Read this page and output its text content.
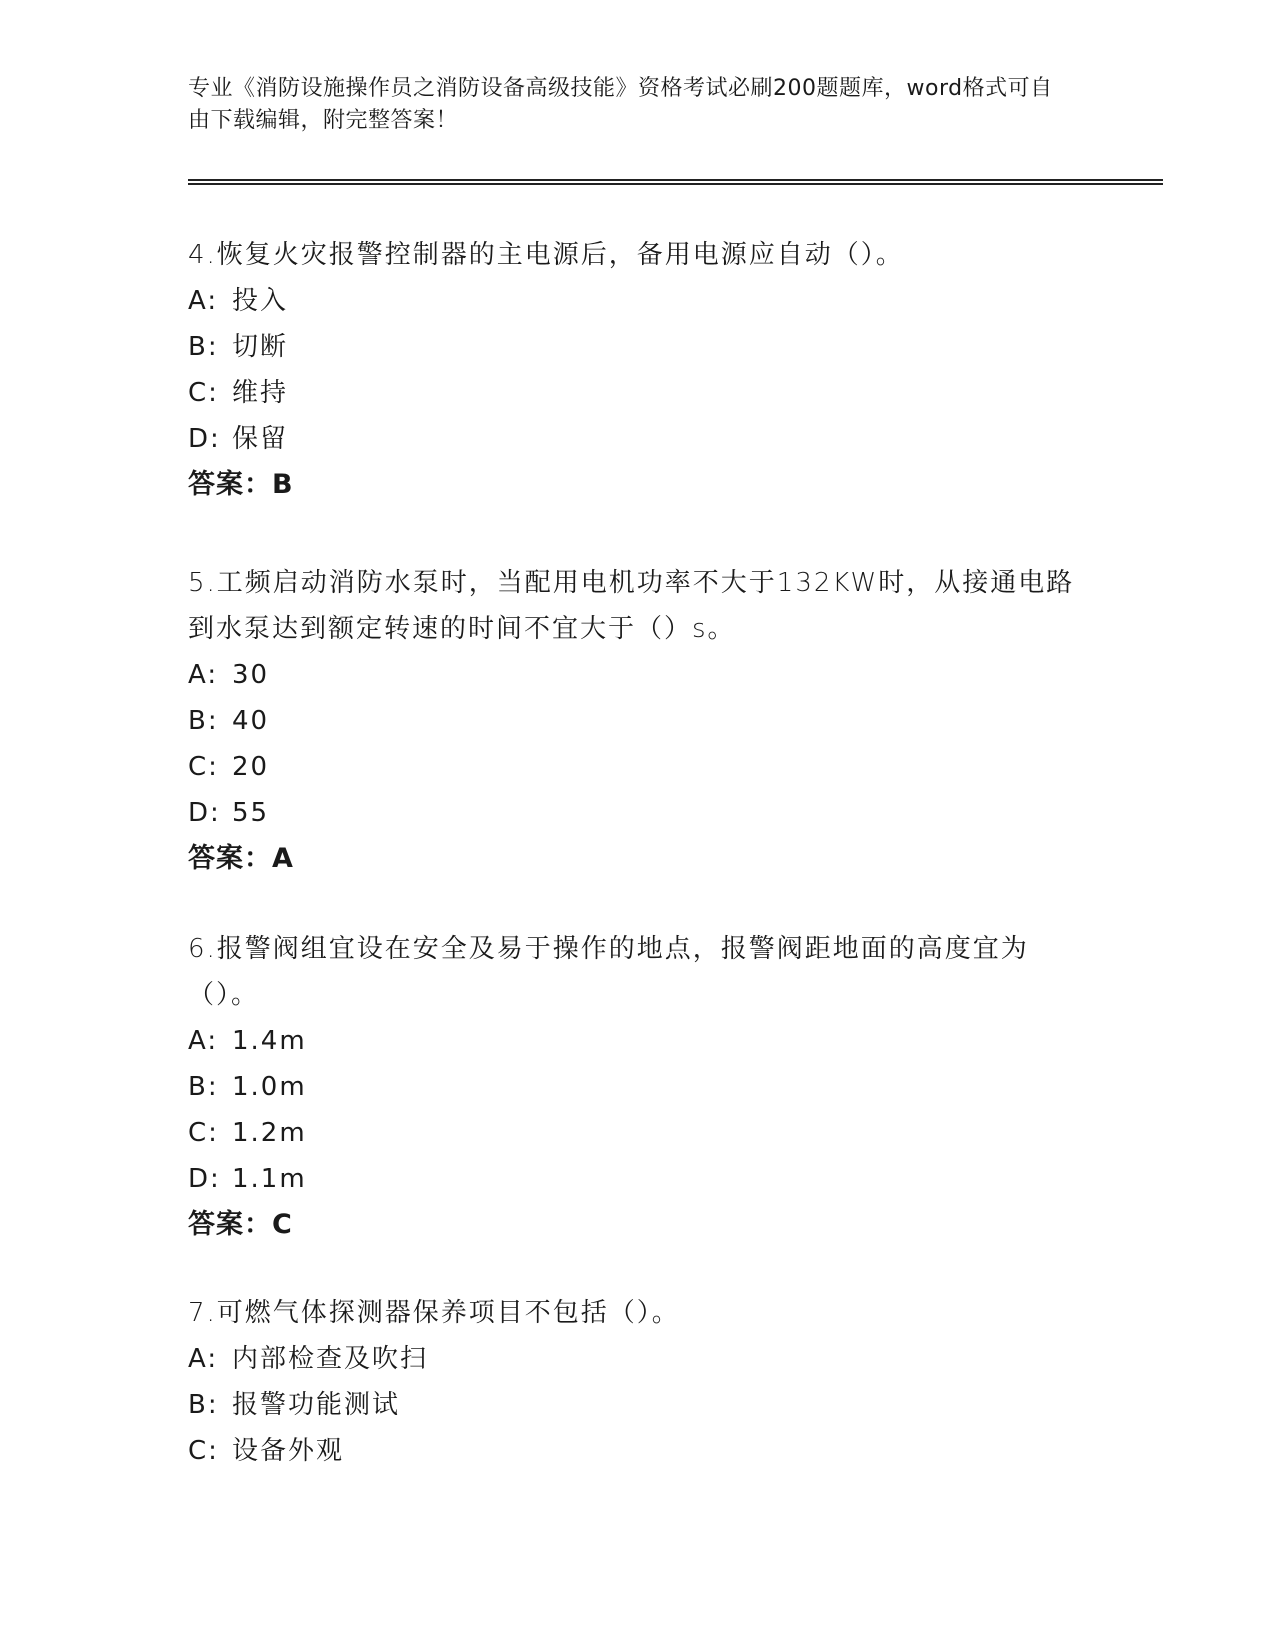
专业《消防设施操作员之消防设备高级技能》资格考试必刷200题题库，word格式可自由下载编辑，附完整答案！

4.恢复火灾报警控制器的主电源后，备用电源应自动（）。

A: 投入
B: 切断
C: 维持
D: 保留
答案：B

5.工频启动消防水泵时，当配用电机功率不大于132KW时，从接通电路到水泵达到额定转速的时间不宜大于（）s。

A: 30
B: 40
C: 20
D: 55
答案：A

6.报警阀组宜设在安全及易于操作的地点，报警阀距地面的高度宜为（）。

A: 1.4m
B: 1.0m
C: 1.2m
D: 1.1m
答案：C

7.可燃气体探测器保养项目不包括（）。

A: 内部检查及吹扫
B: 报警功能测试
C: 设备外观
